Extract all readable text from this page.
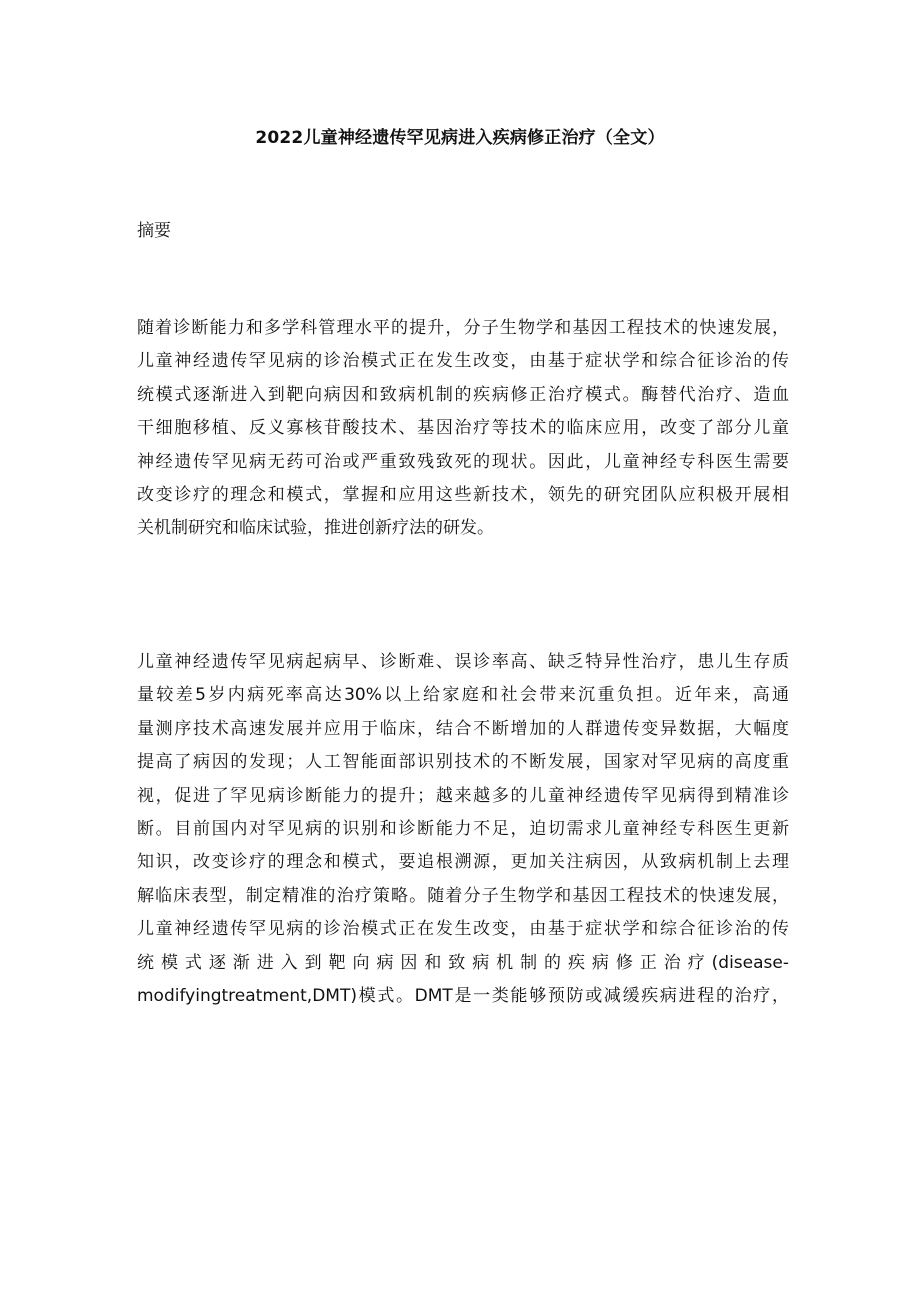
2022儿童神经遗传罕见病进入疾病修正治疗（全文）
摘要
随着诊断能力和多学科管理水平的提升，分子生物学和基因工程技术的快速发展，
儿童神经遗传罕见病的诊治模式正在发生改变，由基于症状学和综合征诊治的传
统模式逐渐进入到靶向病因和致病机制的疾病修正治疗模式。酶替代治疗、造血
干细胞移植、反义寡核苷酸技术、基因治疗等技术的临床应用，改变了部分儿童
神经遗传罕见病无药可治或严重致残致死的现状。因此，儿童神经专科医生需要
改变诊疗的理念和模式，掌握和应用这些新技术，领先的研究团队应积极开展相
关机制研究和临床试验，推进创新疗法的研发。
儿童神经遗传罕见病起病早、诊断难、误诊率高、缺乏特异性治疗，患儿生存质
量较差5岁内病死率高达30%以上给家庭和社会带来沉重负担。近年来，高通
量测序技术高速发展并应用于临床，结合不断增加的人群遗传变异数据，大幅度
提高了病因的发现；人工智能面部识别技术的不断发展，国家对罕见病的高度重
视，促进了罕见病诊断能力的提升；越来越多的儿童神经遗传罕见病得到精准诊
断。目前国内对罕见病的识别和诊断能力不足，迫切需求儿童神经专科医生更新
知识，改变诊疗的理念和模式，要追根溯源，更加关注病因，从致病机制上去理
解临床表型，制定精准的治疗策略。随着分子生物学和基因工程技术的快速发展，
儿童神经遗传罕见病的诊治模式正在发生改变，由基于症状学和综合征诊治的传
统模式逐渐进入到靶向病因和致病机制的疾病修正治疗(disease-
modifyingtreatment,DMT)模式。DMT是一类能够预防或减缓疾病进程的治疗，
